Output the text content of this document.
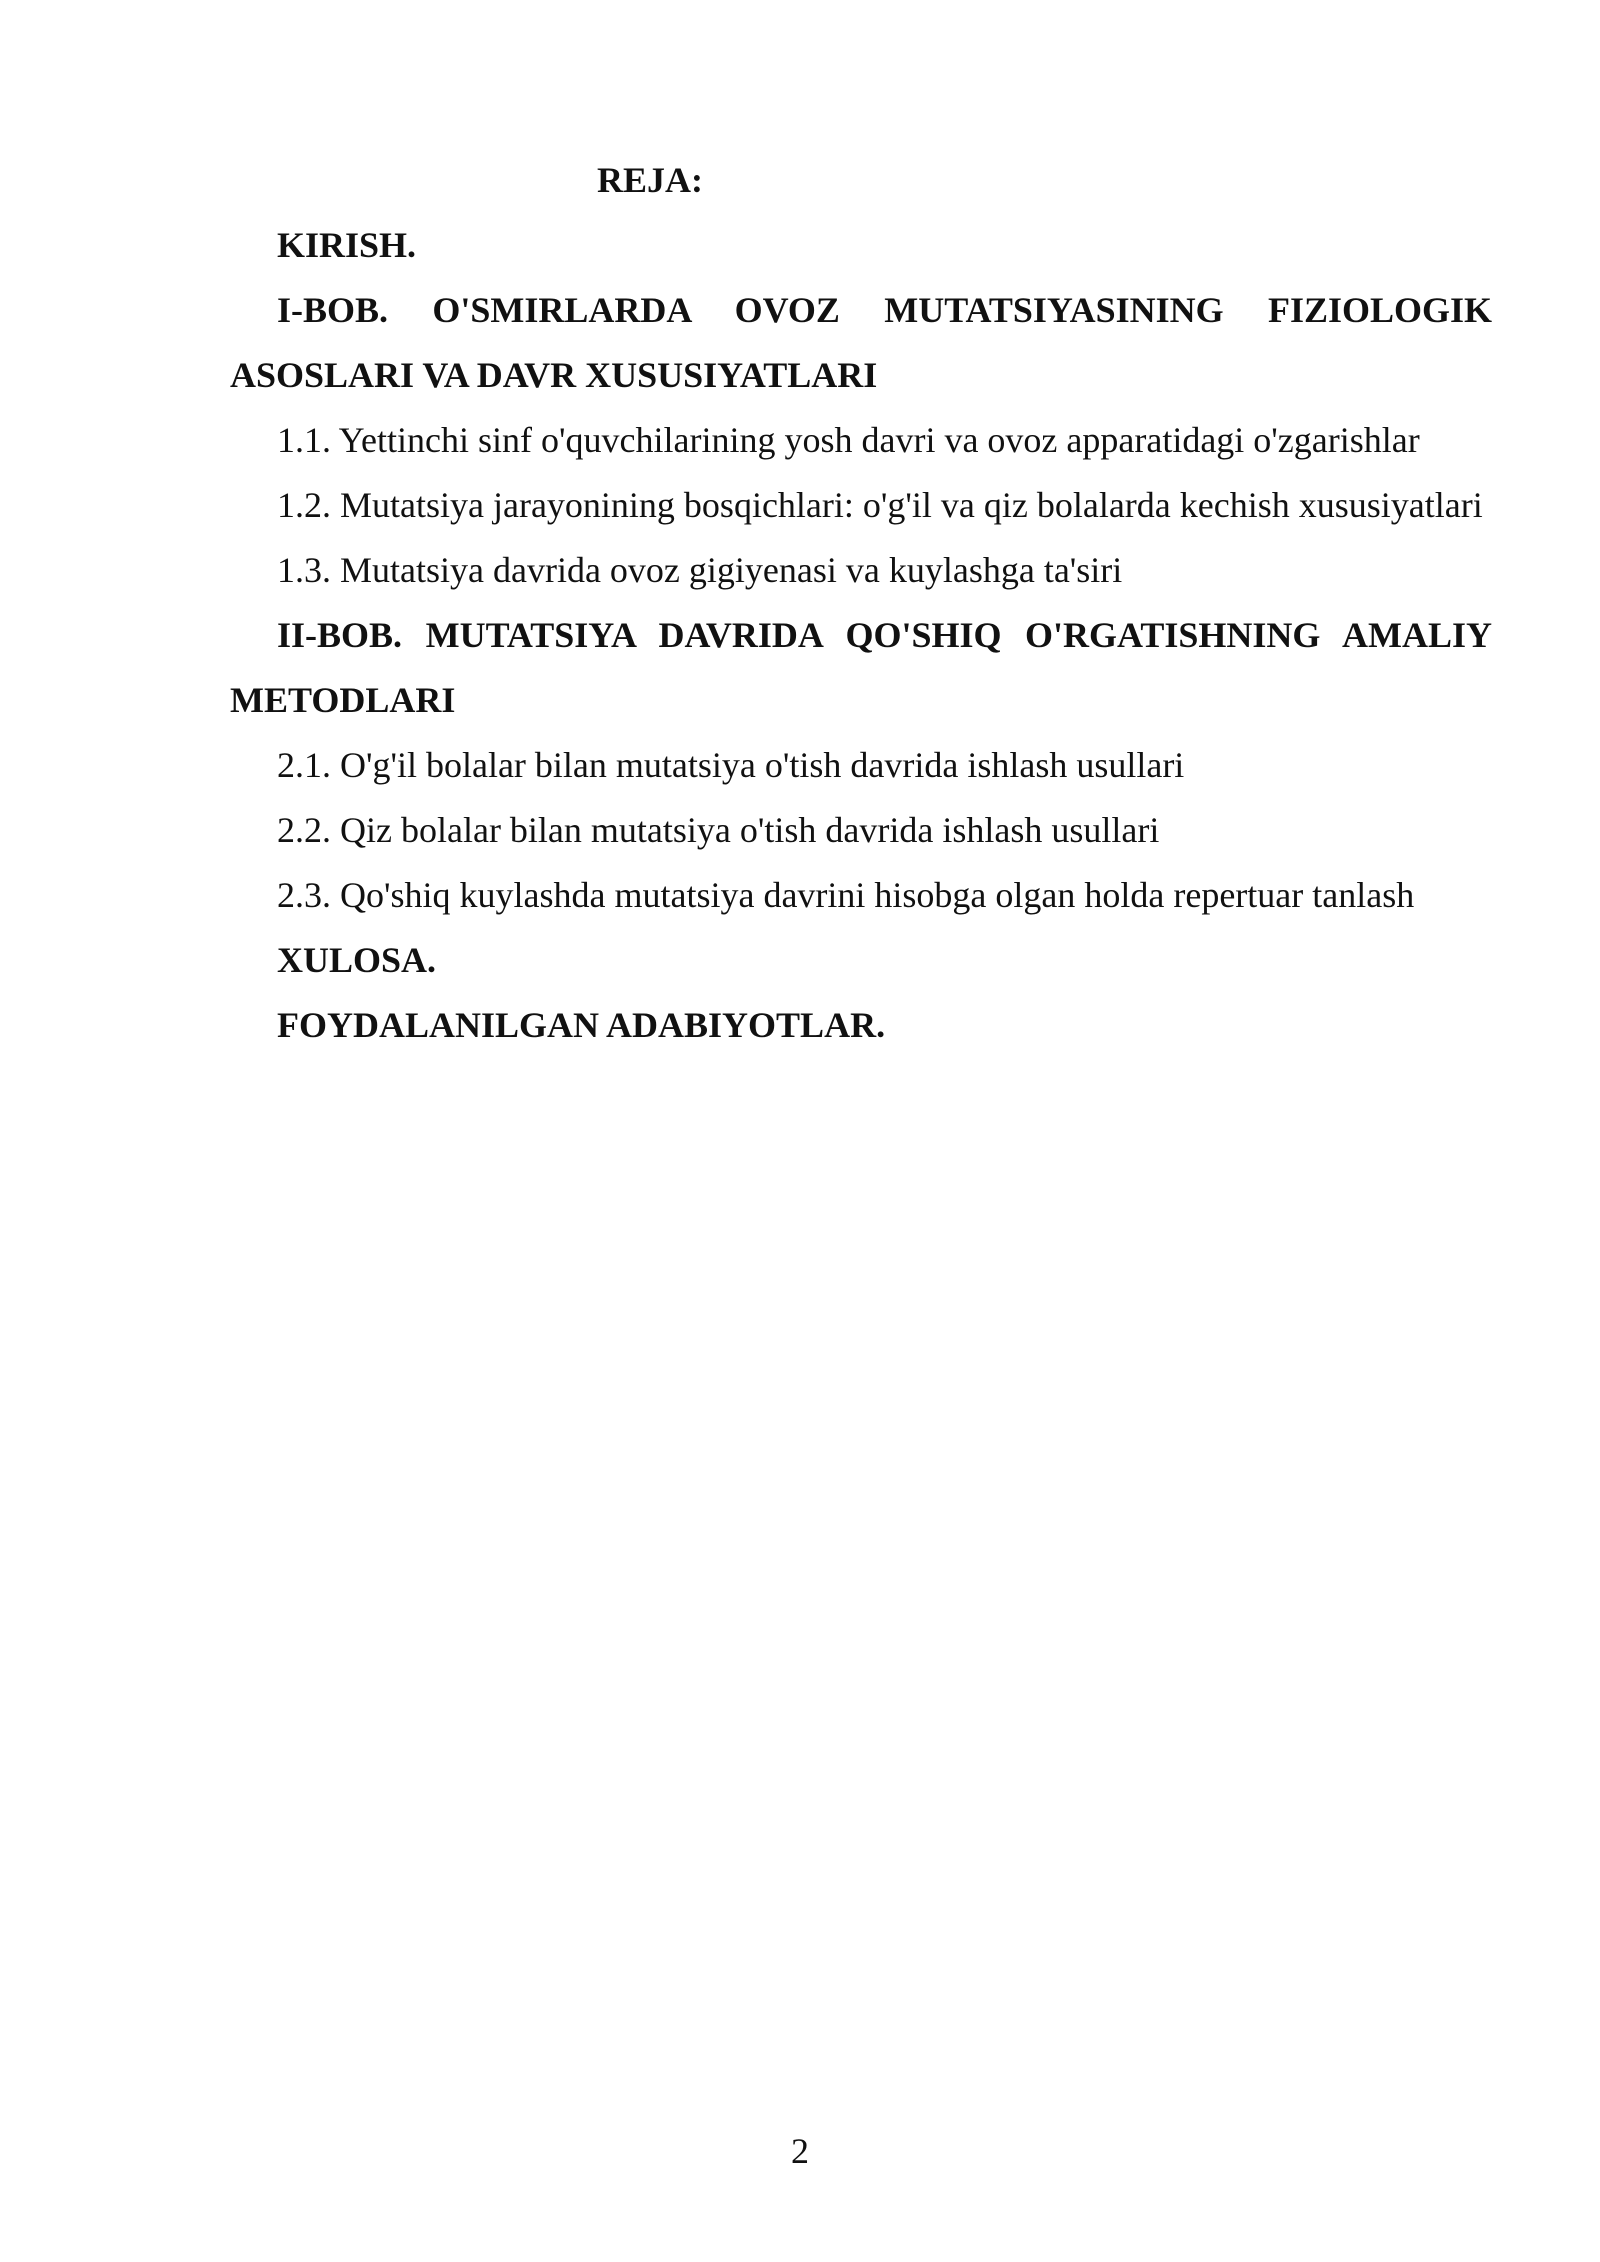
REJA:

KIRISH.

I-BOB. O'SMIRLARDA OVOZ MUTATSIYASINING FIZIOLOGIK ASOSLARI VA DAVR XUSUSIYATLARI

1.1. Yettinchi sinf o'quvchilarining yosh davri va ovoz apparatidagi o'zgarishlar

1.2. Mutatsiya jarayonining bosqichlari: o'g'il va qiz bolalarda kechish xususiyatlari

1.3. Mutatsiya davrida ovoz gigiyenasi va kuylashga ta'siri

II-BOB. MUTATSIYA DAVRIDA QO'SHIQ O'RGATISHNING AMALIY METODLARI

2.1. O'g'il bolalar bilan mutatsiya o'tish davrida ishlash usullari

2.2. Qiz bolalar bilan mutatsiya o'tish davrida ishlash usullari

2.3. Qo'shiq kuylashda mutatsiya davrini hisobga olgan holda repertuar tanlash

XULOSA.

FOYDALANILGAN ADABIYOTLAR.

2
